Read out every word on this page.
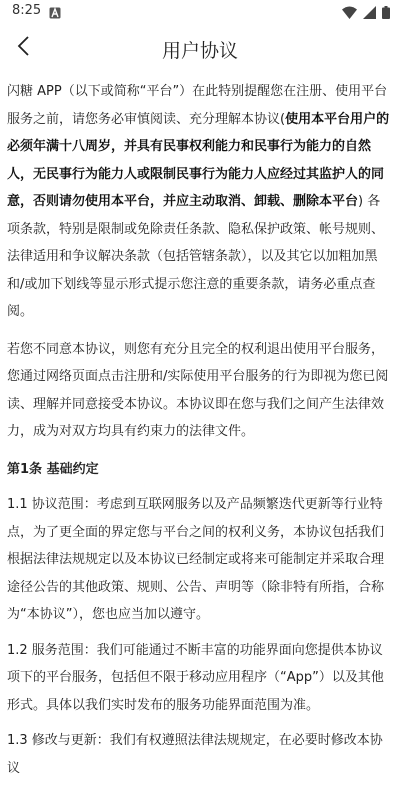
8:25
用户协议

闪糖 APP（以下或简称“平台”）在此特别提醒您在注册、使用平台服务之前，请您务必审慎阅读、充分理解本协议(使用本平台用户的必须年满十八周岁，并具有民事权利能力和民事行为能力的自然人，无民事行为能力人或限制民事行为能力人应经过其监护人的同意，否则请勿使用本平台，并应主动取消、卸载、删除本平台) 各项条款，特别是限制或免除责任条款、隐私保护政策、帐号规则、法律适用和争议解决条款（包括管辖条款），以及其它以加粗加黑和/或加下划线等显示形式提示您注意的重要条款，请务必重点查阅。

若您不同意本协议，则您有充分且完全的权利退出使用平台服务，您通过网络页面点击注册和/实际使用平台服务的行为即视为您已阅读、理解并同意接受本协议。本协议即在您与我们之间产生法律效力，成为对双方均具有约束力的法律文件。

第1条 基础约定

1.1 协议范围：考虑到互联网服务以及产品频繁迭代更新等行业特点，为了更全面的界定您与平台之间的权利义务，本协议包括我们根据法律法规规定以及本协议已经制定或将来可能制定并采取合理途径公告的其他政策、规则、公告、声明等（除非特有所指，合称为“本协议”），您也应当加以遵守。

1.2 服务范围：我们可能通过不断丰富的功能界面向您提供本协议项下的平台服务，包括但不限于移动应用程序（“App”）以及其他形式。具体以我们实时发布的服务功能界面范围为准。

1.3 修改与更新：我们有权遵照法律法规规定，在必要时修改本协议
